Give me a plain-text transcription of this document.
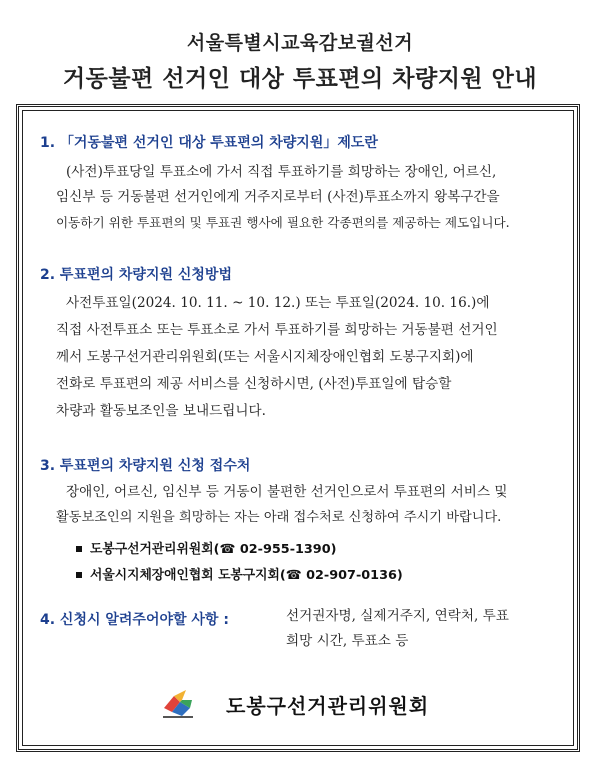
서울특별시교육감보궐선거
거동불편 선거인 대상 투표편의 차량지원 안내
1. 「거동불편 선거인 대상 투표편의 차량지원」제도란
(사전)투표당일 투표소에 가서 직접 투표하기를 희망하는 장애인, 어르신,
임신부 등 거동불편 선거인에게 거주지로부터 (사전)투표소까지 왕복구간을
이동하기 위한 투표편의 및 투표권 행사에 필요한 각종편의를 제공하는 제도입니다.
2. 투표편의 차량지원 신청방법
사전투표일(2024. 10. 11. ~ 10. 12.) 또는 투표일(2024. 10. 16.)에
직접 사전투표소 또는 투표소로 가서 투표하기를 희망하는 거동불편 선거인
께서 도봉구선거관리위원회(또는 서울시지체장애인협회 도봉구지회)에
전화로 투표편의 제공 서비스를 신청하시면, (사전)투표일에 탑승할
차량과 활동보조인을 보내드립니다.
3. 투표편의 차량지원 신청 접수처
장애인, 어르신, 임신부 등 거동이 불편한 선거인으로서 투표편의 서비스 및
활동보조인의 지원을 희망하는 자는 아래 접수처로 신청하여 주시기 바랍니다.
도봉구선거관리위원회(☎ 02-955-1390)
서울시지체장애인협회 도봉구지회(☎ 02-907-0136)
4. 신청시 알려주어야할 사항 :	선거권자명, 실제거주지, 연락처, 투표
희망 시간, 투표소 등
도봉구선거관리위원회
